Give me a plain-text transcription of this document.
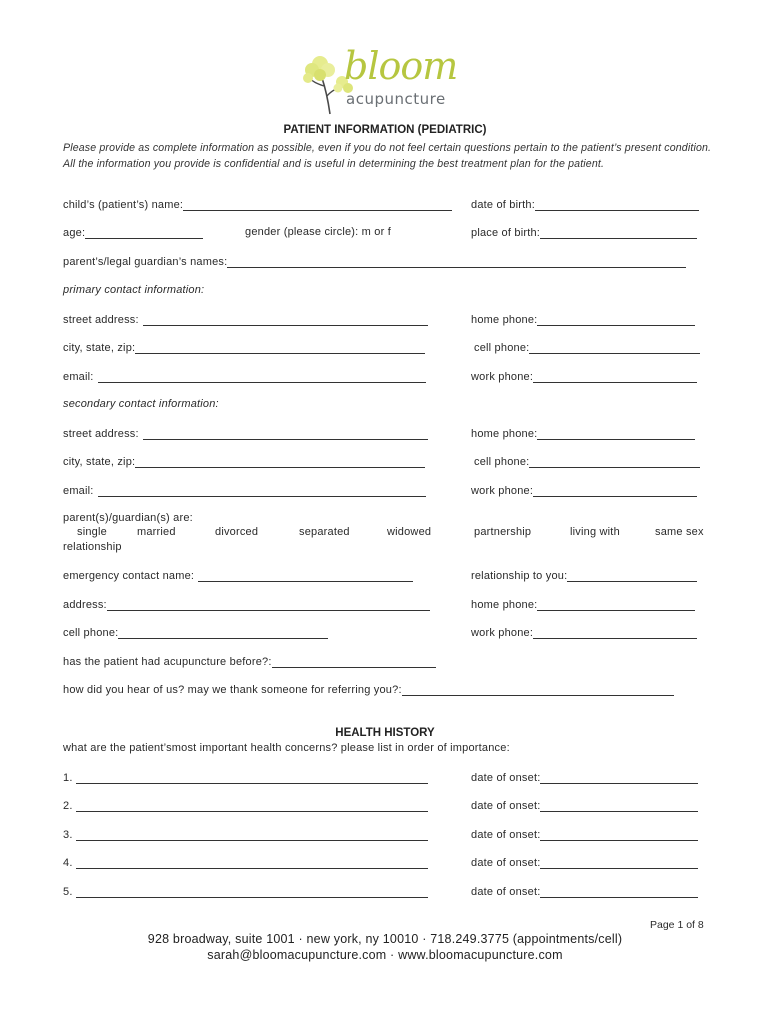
bloom
acupuncture
PATIENT INFORMATION (PEDIATRIC)
Please provide as complete information as possible, even if you do not feel certain questions pertain to the patient’s present condition. All the information you provide is confidential and is useful in determining the best treatment plan for the patient.
child’s (patient’s) name:	date of birth:
age:	gender (please circle): m or f	place of birth:
parent’s/legal guardian’s names:
primary contact information:
street address:	home phone:
city, state, zip:	cell phone:
email:	work phone:
secondary contact information:
street address:	home phone:
city, state, zip:	cell phone:
email:	work phone:
parent(s)/guardian(s) are:
single	married	divorced	separated	widowed	partnership	living with	same sex
relationship
emergency contact name:	relationship to you:
address:	home phone:
cell phone:	work phone:
has the patient had acupuncture before?:
how did you hear of us? may we thank someone for referring you?:
HEALTH HISTORY
what are the patient’smost important health concerns? please list in order of importance:
1.	date of onset:
2.	date of onset:
3.	date of onset:
4.	date of onset:
5.	date of onset:
Page 1 of 8
928 broadway, suite 1001 · new york, ny 10010 · 718.249.3775 (appointments/cell)
sarah@bloomacupuncture.com · www.bloomacupuncture.com
